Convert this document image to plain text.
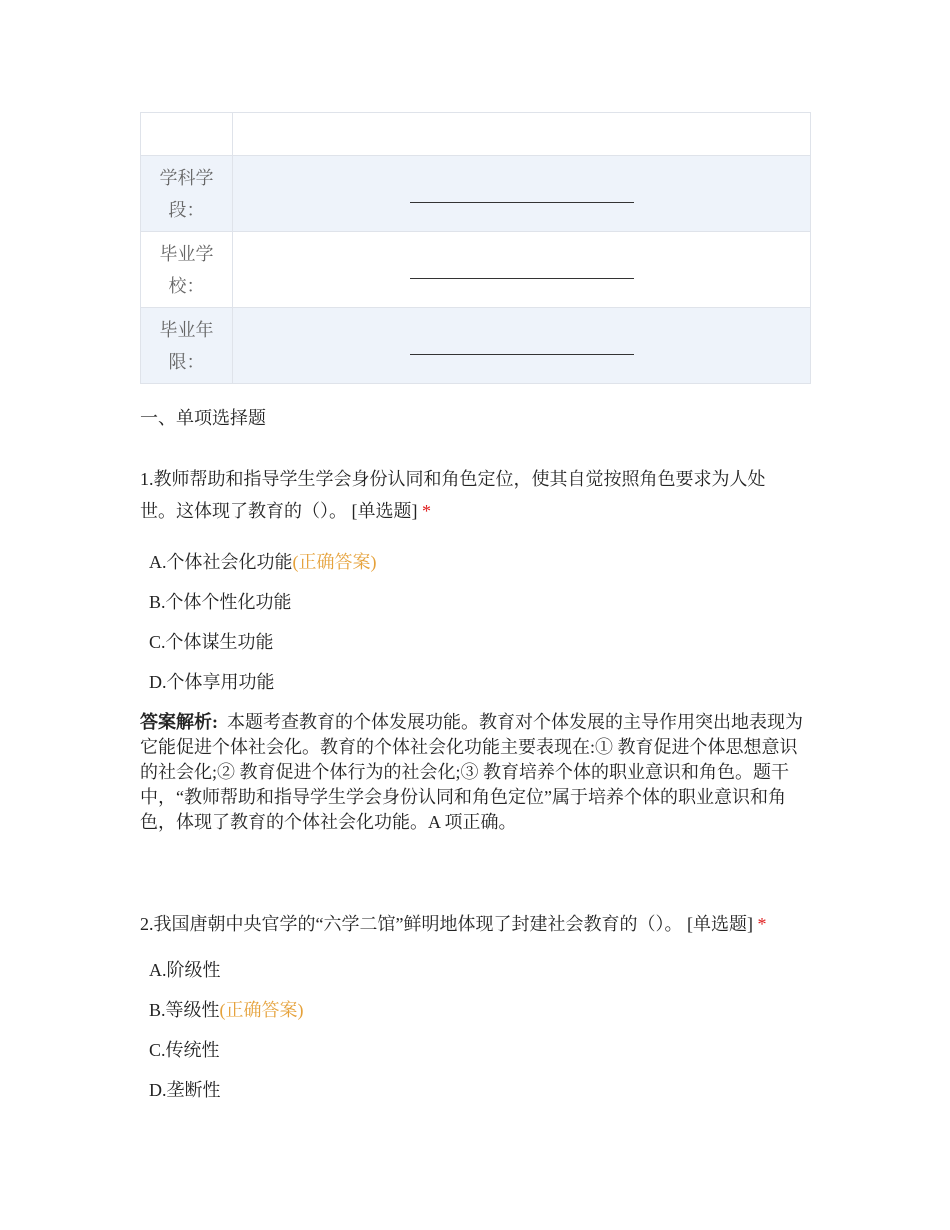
学科学
段：	

毕业学
校：	

毕业年
限：	

一、单项选择题
1.教师帮助和指导学生学会身份认同和角色定位，使其自觉按照角色要求为人处世。这体现了教育的（）。 [单选题] *
A.个体社会化功能(正确答案)
B.个体个性化功能
C.个体谋生功能
D.个体享用功能
答案解析: 本题考查教育的个体发展功能。教育对个体发展的主导作用突出地表现为它能促进个体社会化。教育的个体社会化功能主要表现在:① 教育促进个体思想意识的社会化;② 教育促进个体行为的社会化;③ 教育培养个体的职业意识和角色。题干中，“教师帮助和指导学生学会身份认同和角色定位”属于培养个体的职业意识和角色，体现了教育的个体社会化功能。A 项正确。
2.我国唐朝中央官学的“六学二馆”鲜明地体现了封建社会教育的（）。 [单选题] *
A.阶级性
B.等级性(正确答案)
C.传统性
D.垄断性
